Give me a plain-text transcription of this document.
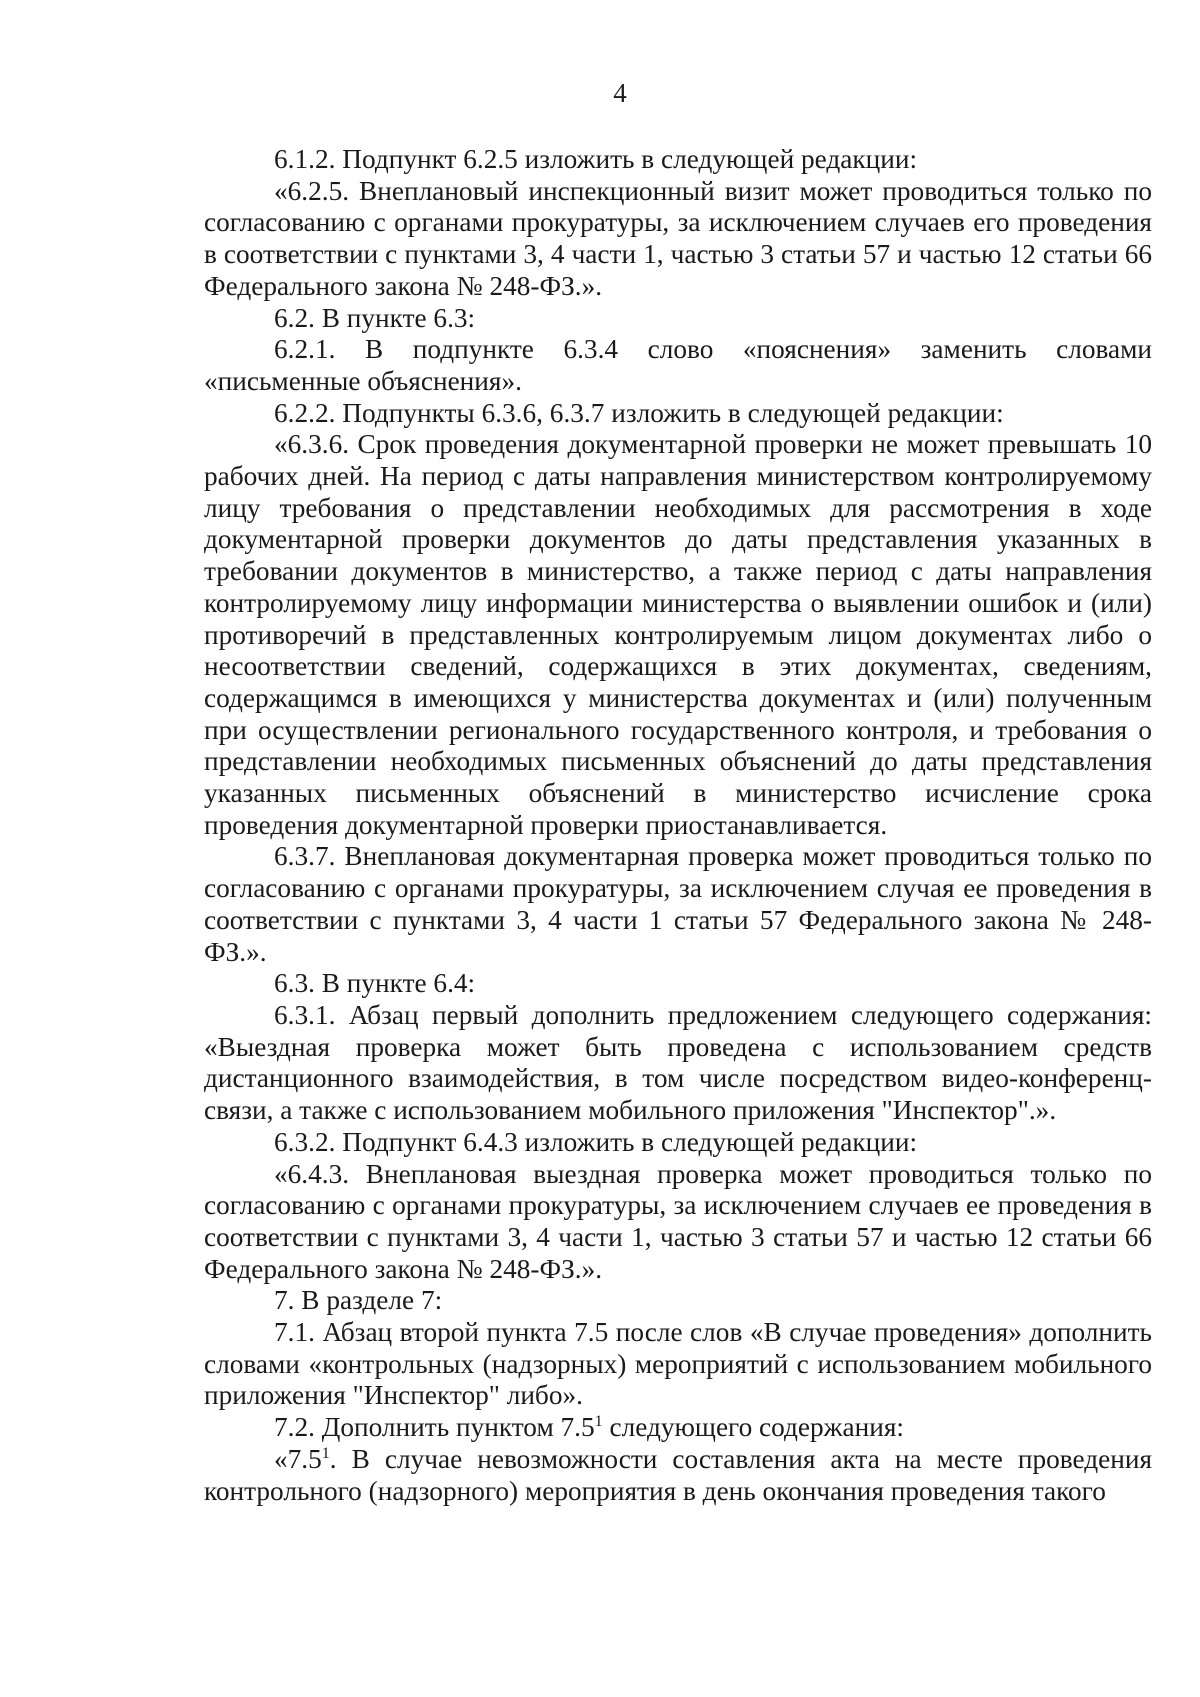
4

6.1.2. Подпункт 6.2.5 изложить в следующей редакции:

«6.2.5. Внеплановый инспекционный визит может проводиться только по согласованию с органами прокуратуры, за исключением случаев его проведения в соответствии с пунктами 3, 4 части 1, частью 3 статьи 57 и частью 12 статьи 66 Федерального закона № 248-ФЗ.».

6.2. В пункте 6.3:

6.2.1. В подпункте 6.3.4 слово «пояснения» заменить словами «письменные объяснения».

6.2.2. Подпункты 6.3.6, 6.3.7 изложить в следующей редакции:

«6.3.6. Срок проведения документарной проверки не может превышать 10 рабочих дней. На период с даты направления министерством контролируемому лицу требования о представлении необходимых для рассмотрения в ходе документарной проверки документов до даты представления указанных в требовании документов в министерство, а также период с даты направления контролируемому лицу информации министерства о выявлении ошибок и (или) противоречий в представленных контролируемым лицом документах либо о несоответствии сведений, содержащихся в этих документах, сведениям, содержащимся в имеющихся у министерства документах и (или) полученным при осуществлении регионального государственного контроля, и требования о представлении необходимых письменных объяснений до даты представления указанных письменных объяснений в министерство исчисление срока проведения документарной проверки приостанавливается.

6.3.7. Внеплановая документарная проверка может проводиться только по согласованию с органами прокуратуры, за исключением случая ее проведения в соответствии с пунктами 3, 4 части 1 статьи 57 Федерального закона № 248-ФЗ.».

6.3. В пункте 6.4:

6.3.1. Абзац первый дополнить предложением следующего содержания: «Выездная проверка может быть проведена с использованием средств дистанционного взаимодействия, в том числе посредством видео-конференц-связи, а также с использованием мобильного приложения "Инспектор".».

6.3.2. Подпункт 6.4.3 изложить в следующей редакции:

«6.4.3. Внеплановая выездная проверка может проводиться только по согласованию с органами прокуратуры, за исключением случаев ее проведения в соответствии с пунктами 3, 4 части 1, частью 3 статьи 57 и частью 12 статьи 66 Федерального закона № 248-ФЗ.».

7. В разделе 7:

7.1. Абзац второй пункта 7.5 после слов «В случае проведения» дополнить словами «контрольных (надзорных) мероприятий с использованием мобильного приложения "Инспектор" либо».

7.2. Дополнить пунктом $7.5^1$ следующего содержания:

«$7.5^1$. В случае невозможности составления акта на месте проведения контрольного (надзорного) мероприятия в день окончания проведения такого
